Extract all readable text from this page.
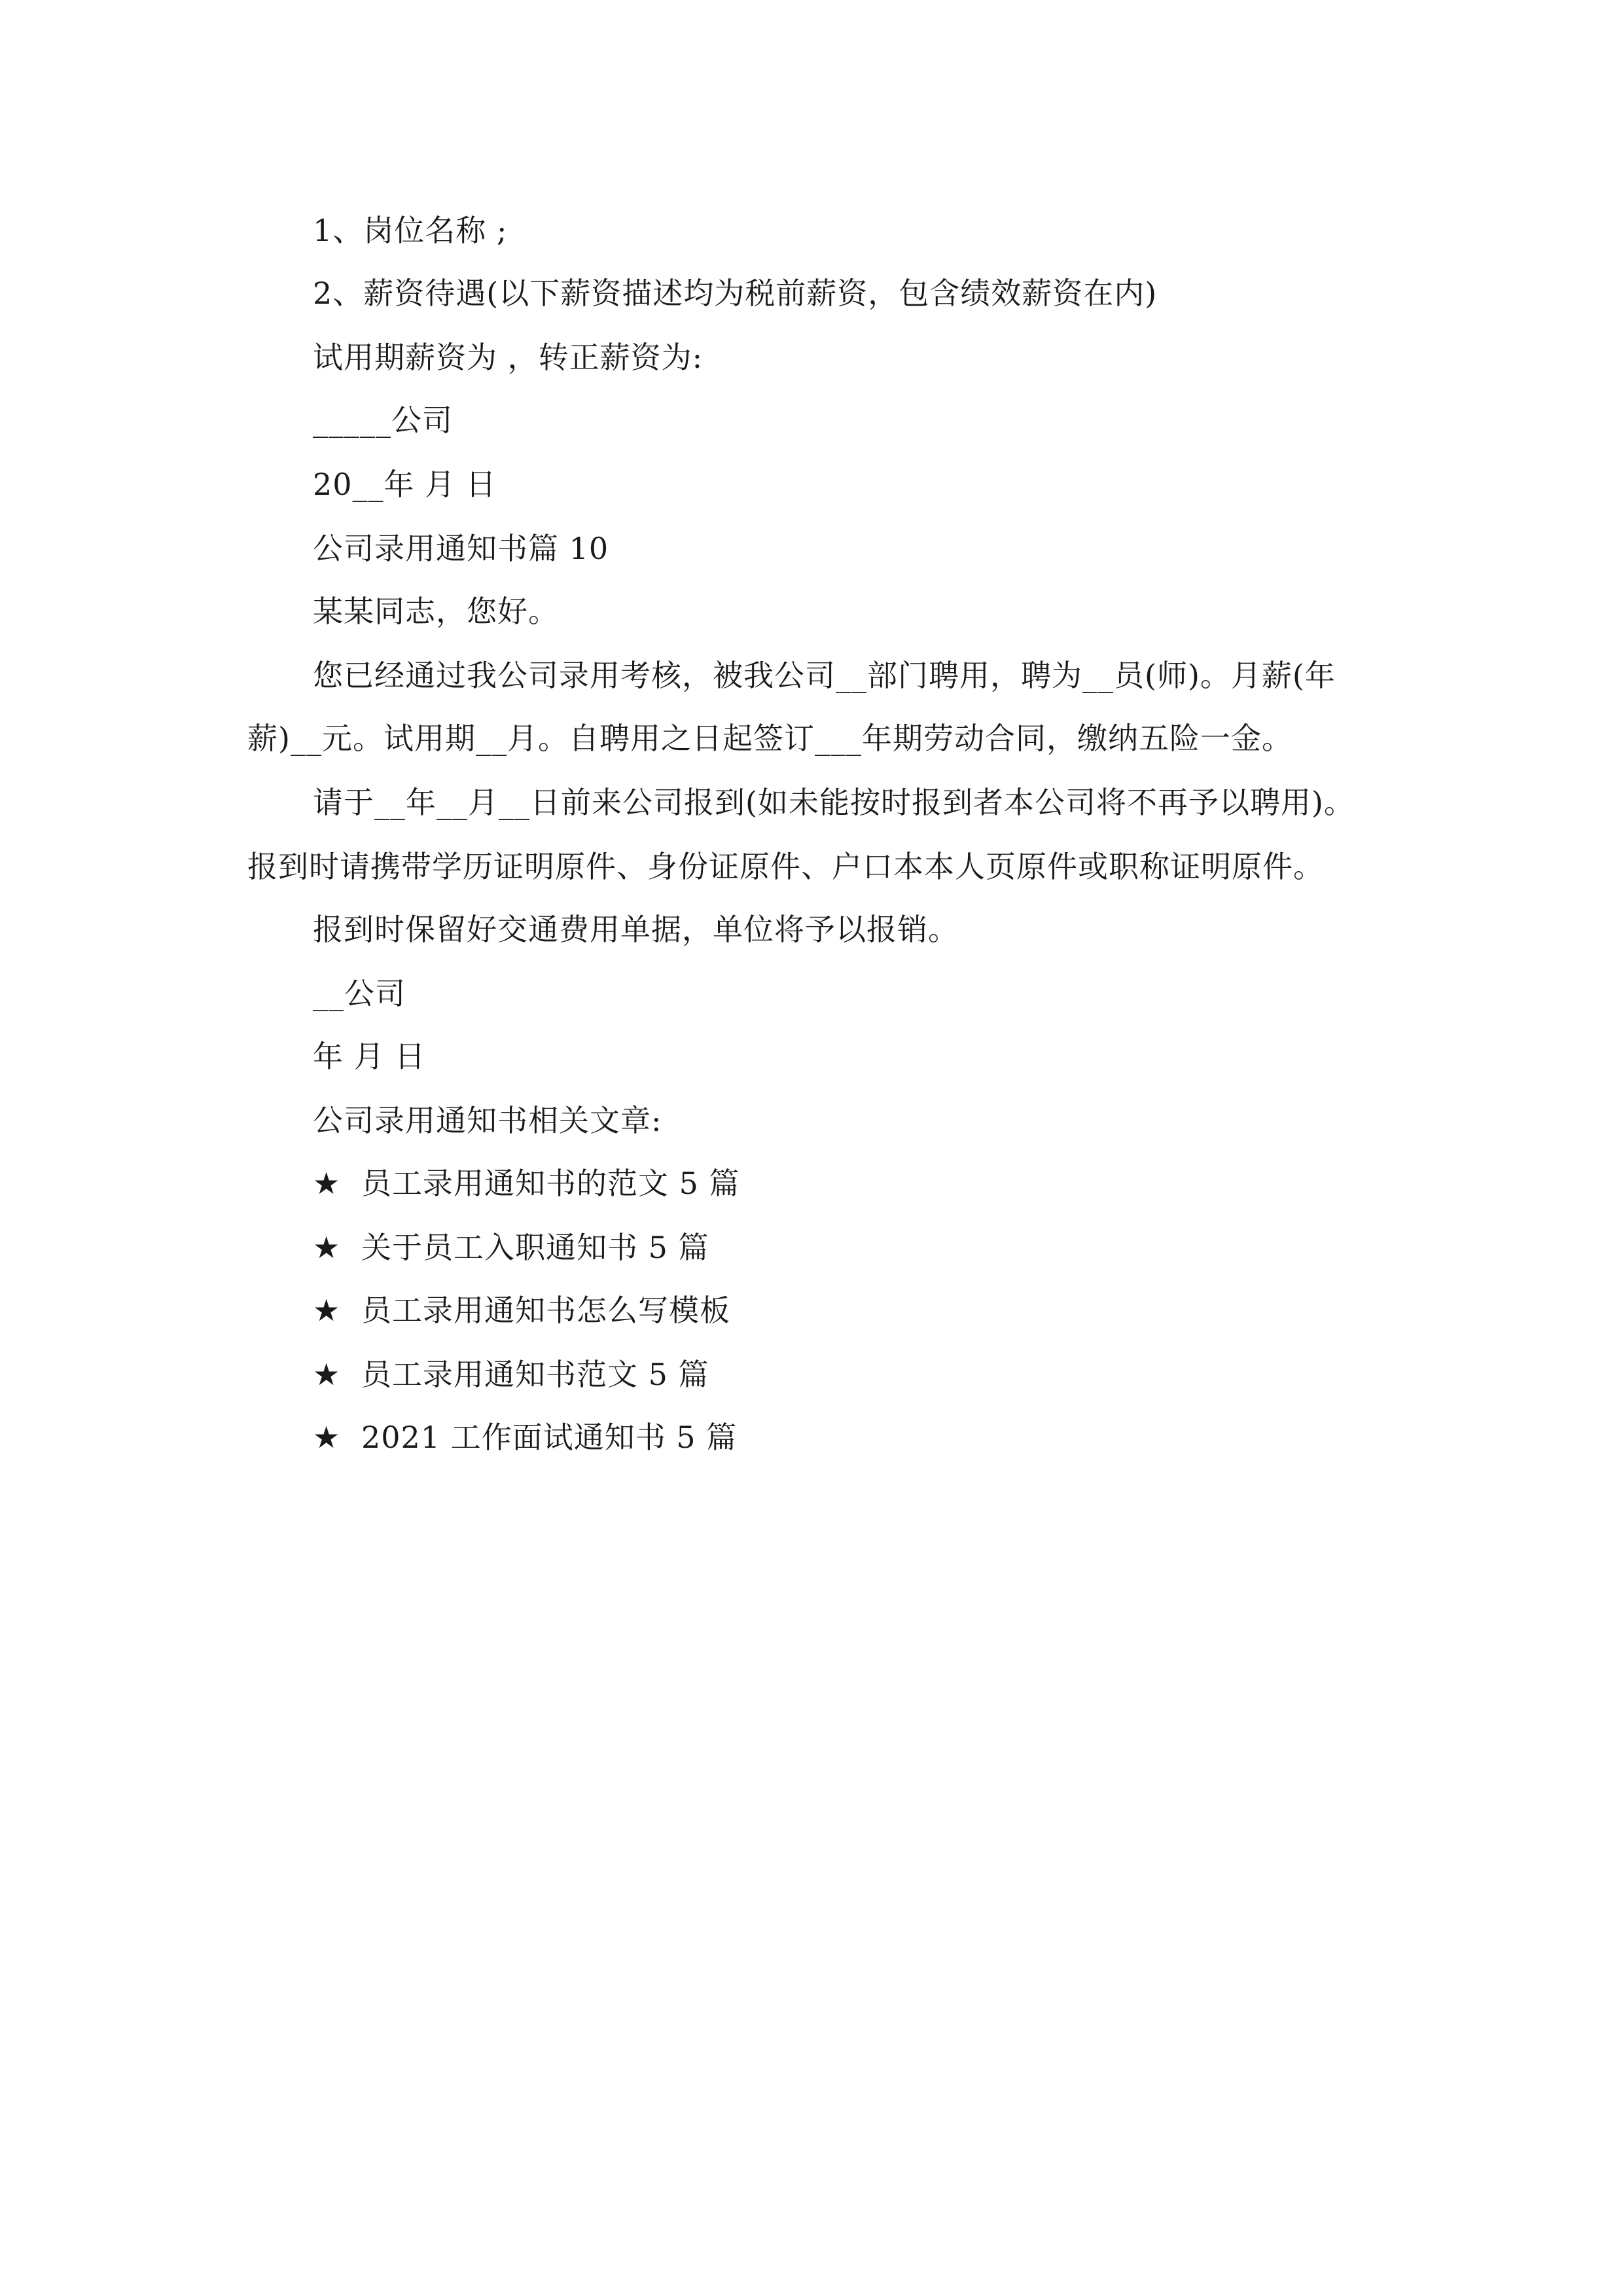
1、岗位名称 ;
2、薪资待遇(以下薪资描述均为税前薪资，包含绩效薪资在内)
试用期薪资为 ，转正薪资为:
_____公司
20__年 月 日
公司录用通知书篇 10
某某同志，您好。
您已经通过我公司录用考核，被我公司__部门聘用，聘为__员(师)。月薪(年
薪)__元。试用期__月。自聘用之日起签订___年期劳动合同，缴纳五险一金。
请于__年__月__日前来公司报到(如未能按时报到者本公司将不再予以聘用)。
报到时请携带学历证明原件、身份证原件、户口本本人页原件或职称证明原件。
报到时保留好交通费用单据，单位将予以报销。
__公司
年 月 日
公司录用通知书相关文章:
★ 员工录用通知书的范文 5 篇
★ 关于员工入职通知书 5 篇
★ 员工录用通知书怎么写模板
★ 员工录用通知书范文 5 篇
★ 2021 工作面试通知书 5 篇
